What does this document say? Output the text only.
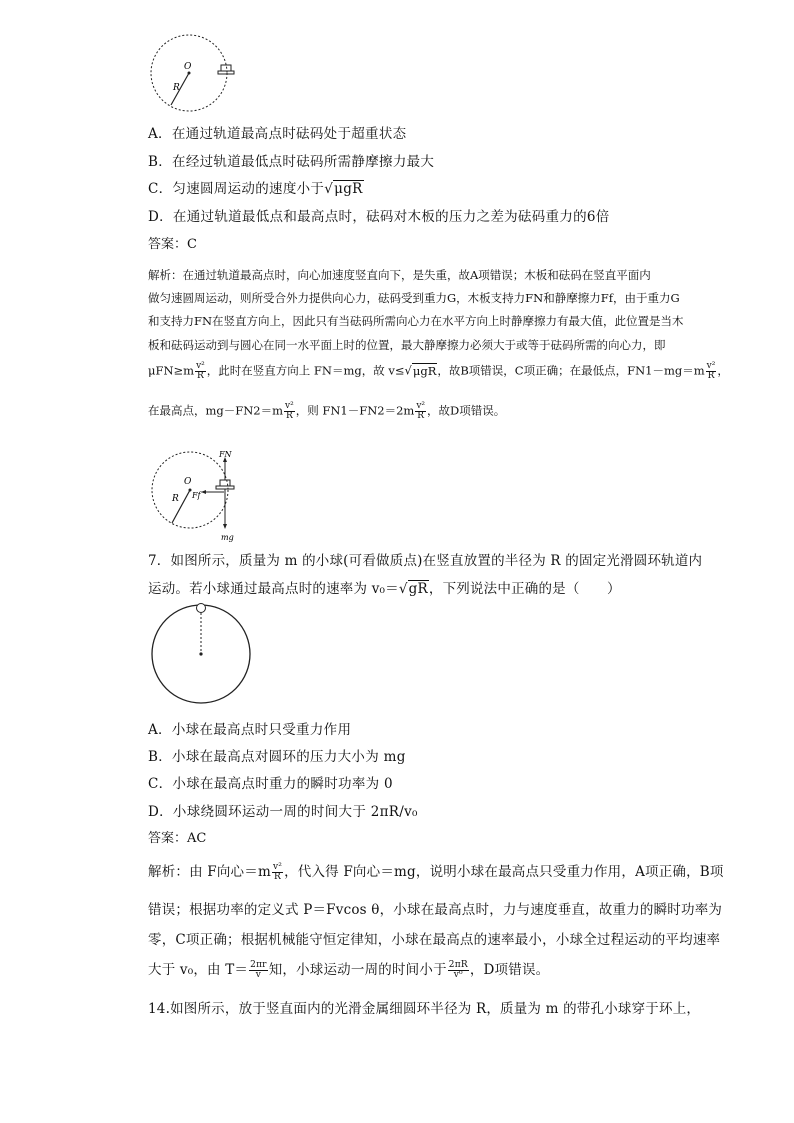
O
R
A．在通过轨道最高点时砝码处于超重状态
B．在经过轨道最低点时砝码所需静摩擦力最大
C．匀速圆周运动的速度小于√μgR
D．在通过轨道最低点和最高点时，砝码对木板的压力之差为砝码重力的6倍
答案：C
解析：在通过轨道最高点时，向心加速度竖直向下，是失重，故A项错误；木板和砝码在竖直平面内
做匀速圆周运动，则所受合外力提供向心力，砝码受到重力G，木板支持力FN和静摩擦力Ff，由于重力G
和支持力FN在竖直方向上，因此只有当砝码所需向心力在水平方向上时静摩擦力有最大值，此位置是当木
板和砝码运动到与圆心在同一水平面上时的位置，最大静摩擦力必须大于或等于砝码所需的向心力，即
$\mu FN\ge m \frac{\text{v²}}{R}$ ，此时在竖直方向上 FN＝mg，故 v≤√μgR，故B项错误，C项正确；在最低点，$FN1-mg=m \frac{\text{v²}}{R}$ ，
在最高点，$mg-FN2=m \frac{\text{v²}}{R}$ ，则 $FN1-FN2=2m \frac{\text{v²}}{R}$ ，故D项错误。
FN
O
R Ff
mg
7．如图所示，质量为 m 的小球(可看做质点)在竖直放置的半径为 R 的固定光滑圆环轨道内
运动。若小球通过最高点时的速率为 v₀＝√gR，下列说法中正确的是（　　）
A．小球在最高点时只受重力作用
B．小球在最高点对圆环的压力大小为 mg
C．小球在最高点时重力的瞬时功率为 0
D．小球绕圆环运动一周的时间大于 2πR/v₀
答案：AC
解析：由 F向心$=m \frac{\text{v²}}{R}$ ，代入得 F向心＝mg，说明小球在最高点只受重力作用，A项正确，B项
错误；根据功率的定义式 P＝Fvcos θ，小球在最高点时，力与速度垂直，故重力的瞬时功率为
零，C项正确；根据机械能守恒定律知，小球在最高点的速率最小，小球全过程运动的平均速率
大于 v₀，由 $T= \frac{2\pi r}{v}$ 知，小球运动一周的时间小于 $\frac{2\pi R}{\text{v⁰}}$ ，D项错误。
14.如图所示，放于竖直面内的光滑金属细圆环半径为 R，质量为 m 的带孔小球穿于环上，
